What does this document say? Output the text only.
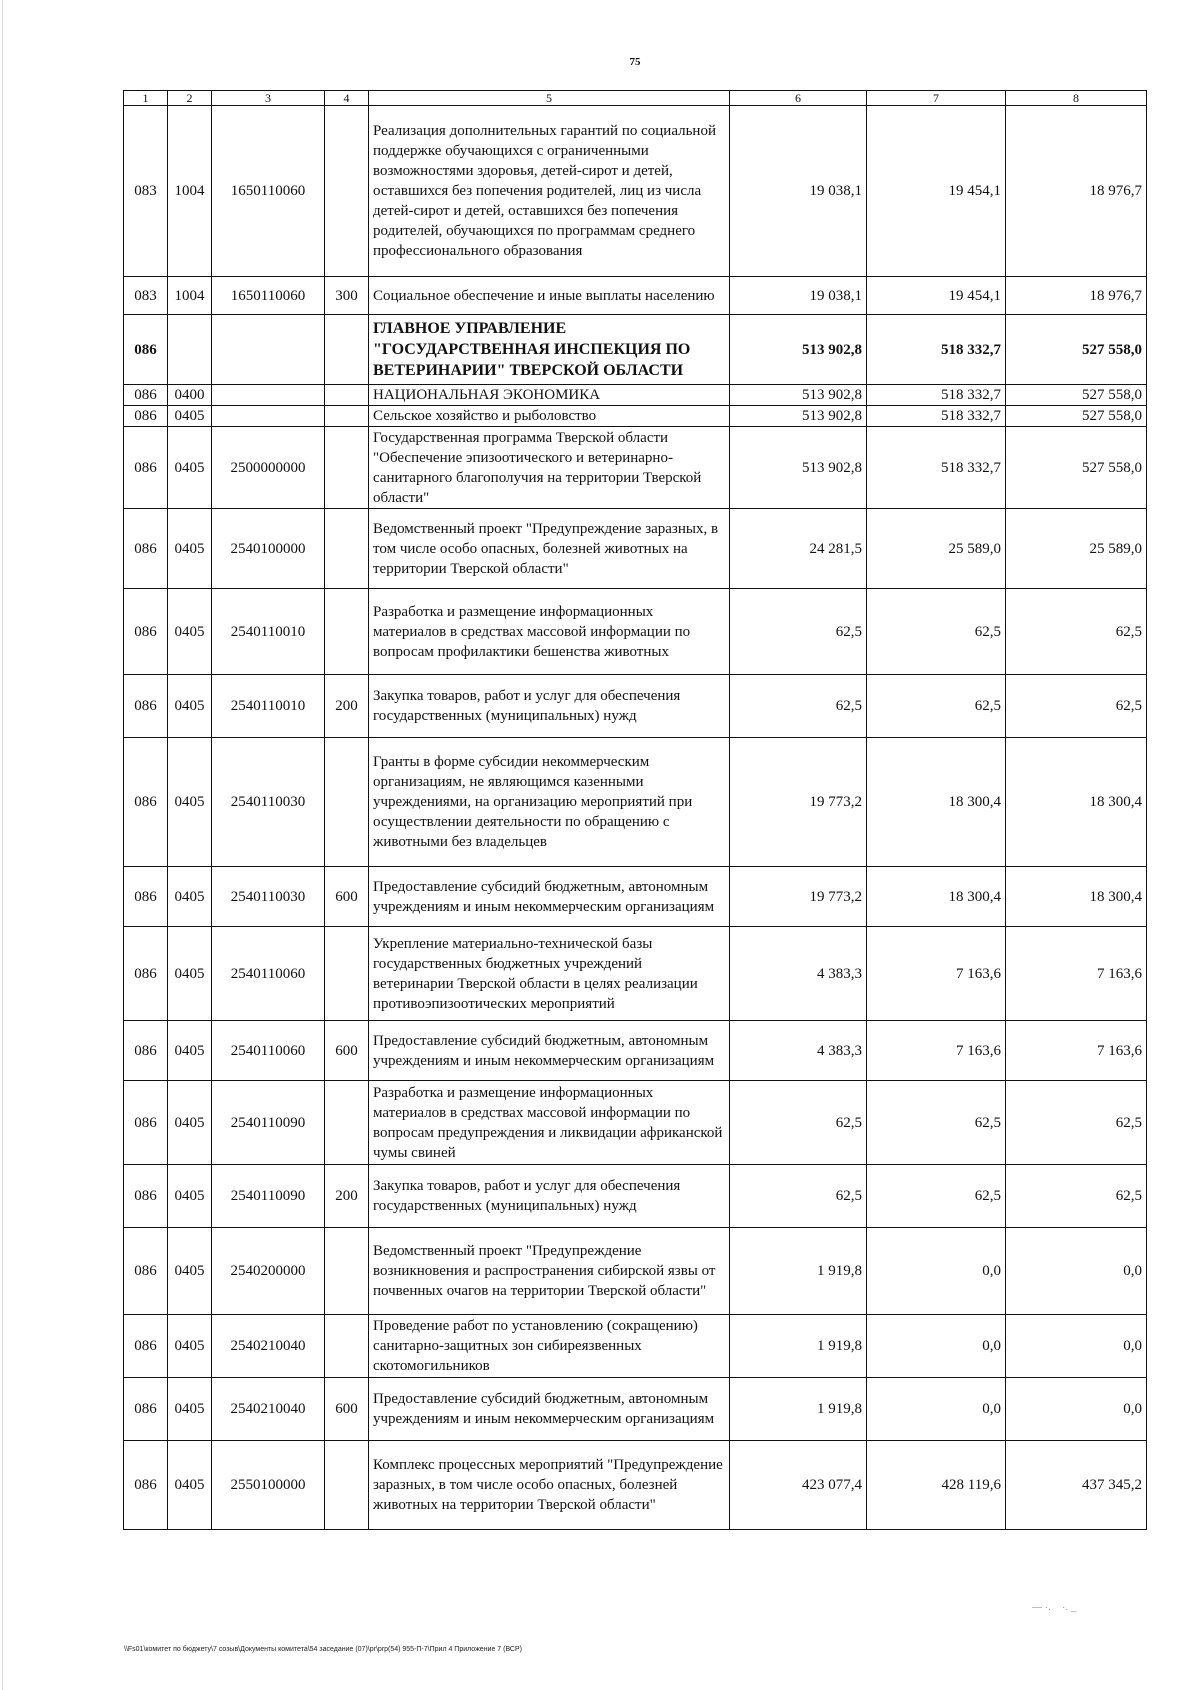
75
1	2	3	4	5	6	7	8
083	1004	1650110060		Реализация дополнительных гарантий по социальной поддержке обучающихся с ограниченными возможностями здоровья, детей-сирот и детей, оставшихся без попечения родителей, лиц из числа детей-сирот и детей, оставшихся без попечения родителей, обучающихся по программам среднего профессионального образования	19 038,1	19 454,1	18 976,7
083	1004	1650110060	300	Социальное обеспечение и иные выплаты населению	19 038,1	19 454,1	18 976,7
086				ГЛАВНОЕ УПРАВЛЕНИЕ "ГОСУДАРСТВЕННАЯ ИНСПЕКЦИЯ ПО ВЕТЕРИНАРИИ" ТВЕРСКОЙ ОБЛАСТИ	513 902,8	518 332,7	527 558,0
086	0400			НАЦИОНАЛЬНАЯ ЭКОНОМИКА	513 902,8	518 332,7	527 558,0
086	0405			Сельское хозяйство и рыболовство	513 902,8	518 332,7	527 558,0
086	0405	2500000000		Государственная программа Тверской области "Обеспечение эпизоотического и ветеринарно-санитарного благополучия на территории Тверской области"	513 902,8	518 332,7	527 558,0
086	0405	2540100000		Ведомственный проект "Предупреждение заразных, в том числе особо опасных, болезней животных на территории Тверской области"	24 281,5	25 589,0	25 589,0
086	0405	2540110010		Разработка и размещение информационных материалов в средствах массовой информации по вопросам профилактики бешенства животных	62,5	62,5	62,5
086	0405	2540110010	200	Закупка товаров, работ и услуг для обеспечения государственных (муниципальных) нужд	62,5	62,5	62,5
086	0405	2540110030		Гранты в форме субсидии некоммерческим организациям, не являющимся казенными учреждениями, на организацию мероприятий при осуществлении деятельности по обращению с животными без владельцев	19 773,2	18 300,4	18 300,4
086	0405	2540110030	600	Предоставление субсидий бюджетным, автономным учреждениям и иным некоммерческим организациям	19 773,2	18 300,4	18 300,4
086	0405	2540110060		Укрепление материально-технической базы государственных бюджетных учреждений ветеринарии Тверской области в целях реализации противоэпизоотических мероприятий	4 383,3	7 163,6	7 163,6
086	0405	2540110060	600	Предоставление субсидий бюджетным, автономным учреждениям и иным некоммерческим организациям	4 383,3	7 163,6	7 163,6
086	0405	2540110090		Разработка и размещение информационных материалов в средствах массовой информации по вопросам предупреждения и ликвидации африканской чумы свиней	62,5	62,5	62,5
086	0405	2540110090	200	Закупка товаров, работ и услуг для обеспечения государственных (муниципальных) нужд	62,5	62,5	62,5
086	0405	2540200000		Ведомственный проект "Предупреждение возникновения и распространения сибирской язвы от почвенных очагов на территории Тверской области"	1 919,8	0,0	0,0
086	0405	2540210040		Проведение работ по установлению (сокращению) санитарно-защитных зон сибиреязвенных скотомогильников	1 919,8	0,0	0,0
086	0405	2540210040	600	Предоставление субсидий бюджетным, автономным учреждениям и иным некоммерческим организациям	1 919,8	0,0	0,0
086	0405	2550100000		Комплекс процессных мероприятий "Предупреждение заразных, в том числе особо опасных, болезней животных на территории Тверской области"	423 077,4	428 119,6	437 345,2
\\Fs01\комитет по бюджету\7 созыв\Документы комитета\54 заседание (07)\pr\prp(54) 955-П-7\Прил 4 Приложение 7 (ВСР)
— ·.    ·. _
